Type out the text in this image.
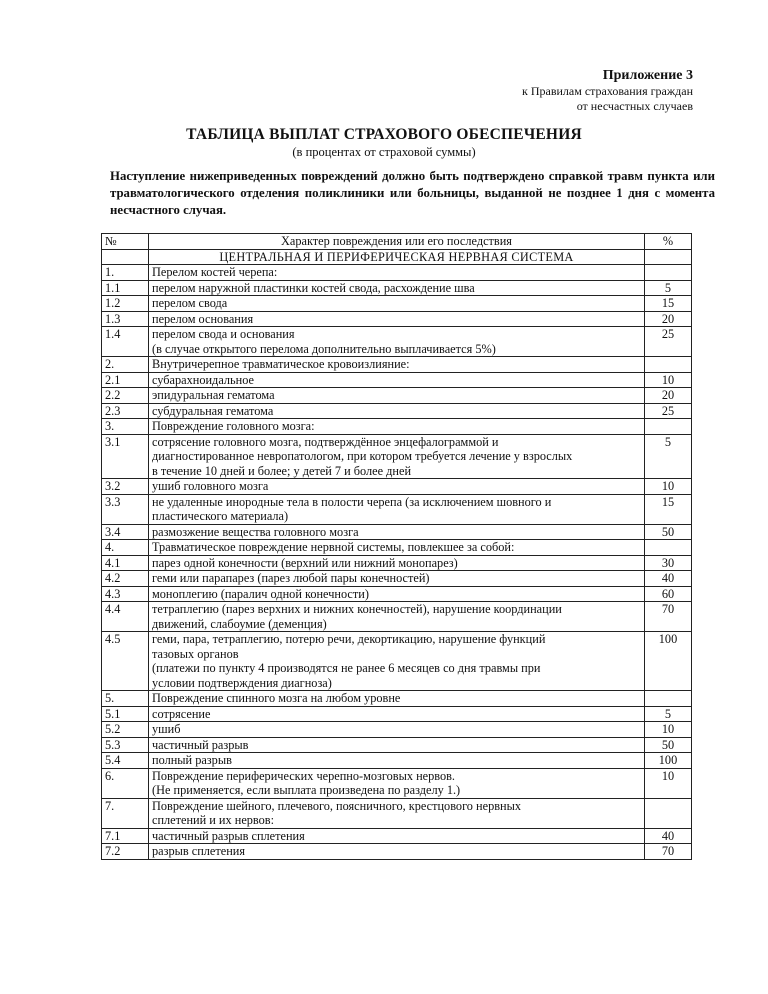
Приложение 3
к Правилам страхования граждан
от несчастных случаев
ТАБЛИЦА ВЫПЛАТ СТРАХОВОГО ОБЕСПЕЧЕНИЯ
(в процентах от страховой суммы)
Наступление нижеприведенных повреждений должно быть подтверждено справкой травм пункта или травматологического отделения поликлиники или больницы, выданной не позднее 1 дня с момента несчастного случая.
№	Характер повреждения или его последствия	%
	ЦЕНТРАЛЬНАЯ И ПЕРИФЕРИЧЕСКАЯ НЕРВНАЯ СИСТЕМА	
1.	Перелом костей черепа:	

1.1	перелом наружной пластинки костей свода, расхождение шва	5
1.2	перелом свода	15
1.3	перелом основания	20
1.4	перелом свода и основания
(в случае открытого перелома дополнительно выплачивается 5%)	25
2.	Внутричерепное травматическое кровоизлияние:	

2.1	субарахноидальное	10
2.2	эпидуральная гематома	20
2.3	субдуральная гематома	25
3.	Повреждение головного мозга:	

3.1	сотрясение головного мозга, подтверждённое энцефалограммой и
диагностированное невропатологом, при котором требуется лечение у взрослых
в течение 10 дней и более; у детей 7 и более дней	5
3.2	ушиб головного мозга	10
3.3	не удаленные инородные тела в полости черепа (за исключением шовного и
пластического материала)	15
3.4	размозжение вещества головного мозга	50
4.	Травматическое повреждение нервной системы, повлекшее за собой:	

4.1	парез одной конечности (верхний или нижний монопарез)	30
4.2	геми или парапарез (парез любой пары конечностей)	40
4.3	моноплегию (паралич одной конечности)	60
4.4	тетраплегию (парез верхних и нижних конечностей), нарушение координации
движений, слабоумие (деменция)	70
4.5	геми, пара, тетраплегию, потерю речи, декортикацию, нарушение функций
тазовых органов
(платежи по пункту 4 производятся не ранее 6 месяцев со дня травмы при
условии подтверждения диагноза)	100
5.	Повреждение спинного мозга на любом уровне	

5.1	сотрясение	5
5.2	ушиб	10
5.3	частичный разрыв	50
5.4	полный разрыв	100
6.	Повреждение периферических черепно-мозговых нервов.
(Не применяется, если выплата произведена по разделу 1.)	10
7.	Повреждение шейного, плечевого, поясничного, крестцового нервных
сплетений и их нервов:	

7.1	частичный разрыв сплетения	40
7.2	разрыв сплетения	70
